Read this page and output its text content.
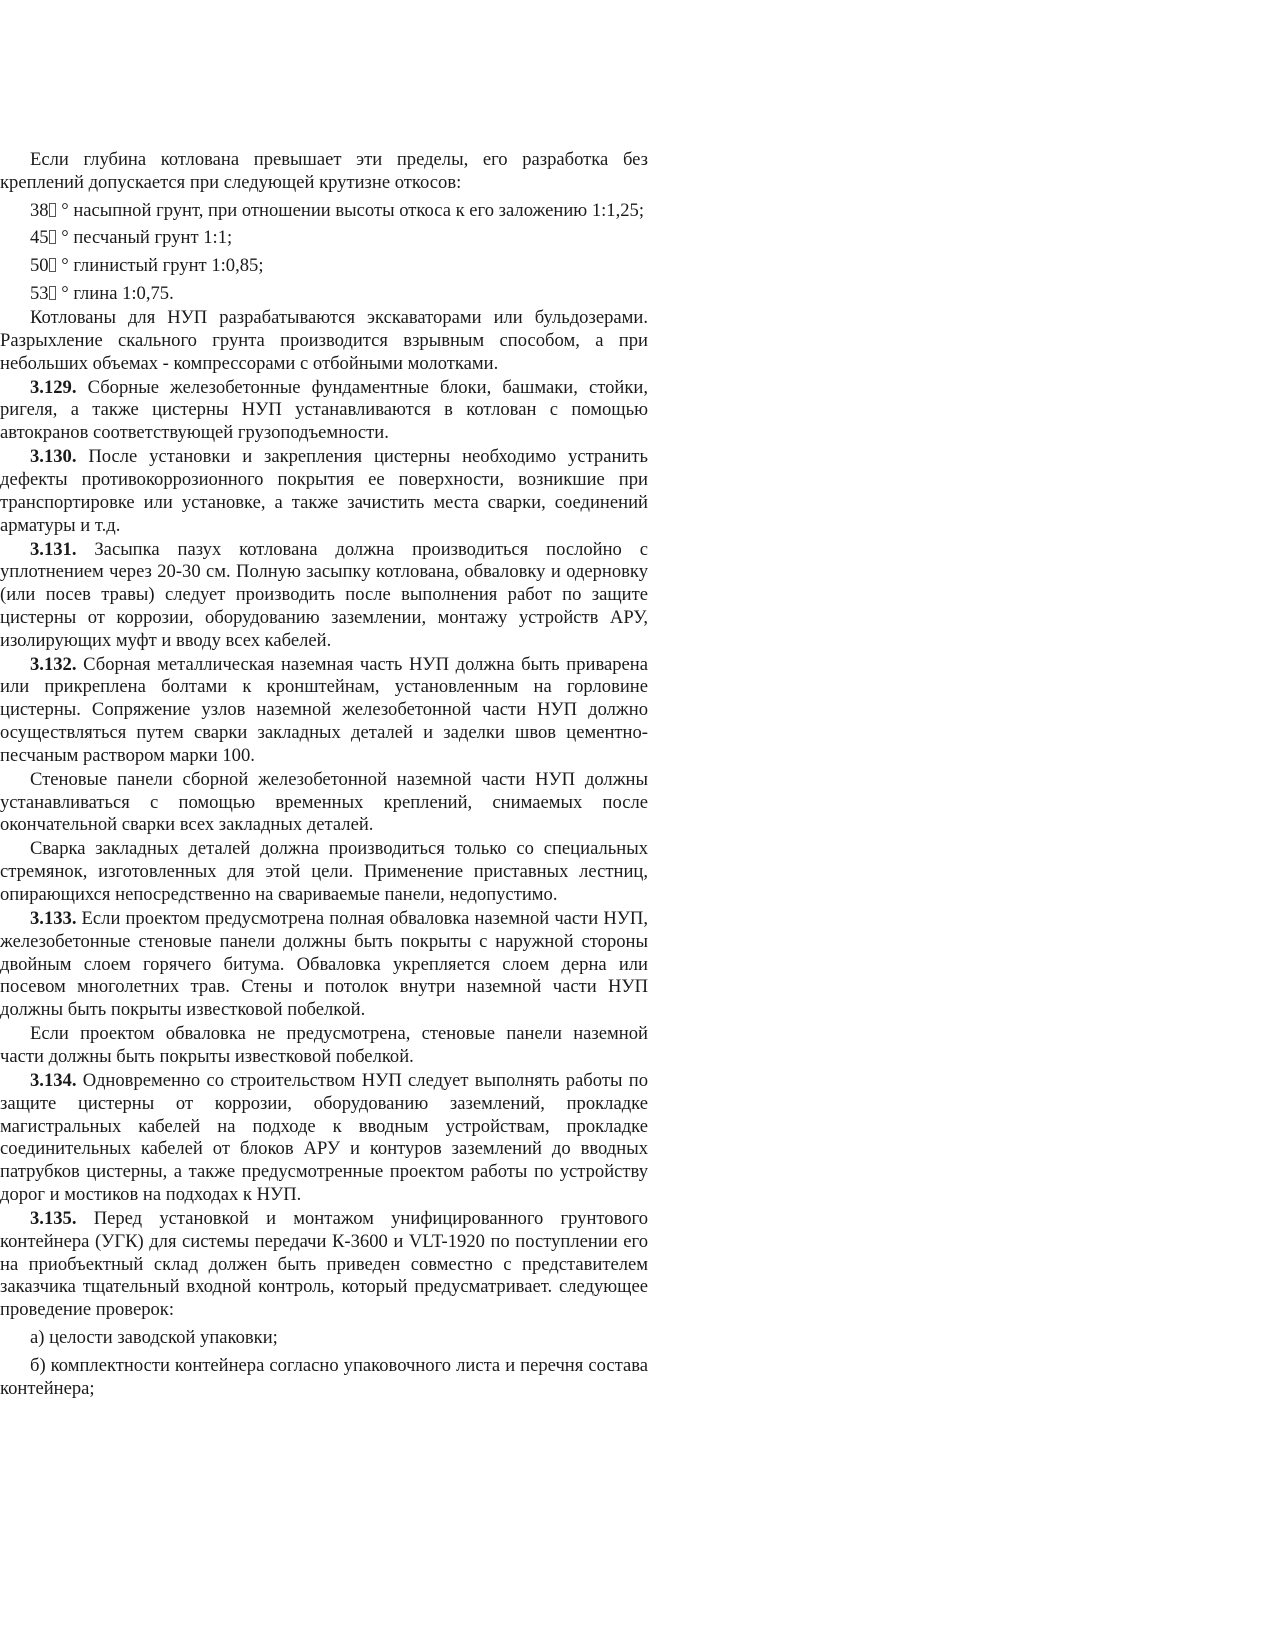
Если глубина котлована превышает эти пределы, его разработка без креплений допускается при следующей крутизне откосов:

38 ° насыпной грунт, при отношении высоты откоса к его заложению 1:1,25;

45 ° песчаный грунт 1:1;

50 ° глинистый грунт 1:0,85;

53 ° глина 1:0,75.

Котлованы для НУП разрабатываются экскаваторами или бульдозерами. Разрыхление скального грунта производится взрывным способом, а при небольших объемах - компрессорами с отбойными молотками.

3.129. Сборные железобетонные фундаментные блоки, башмаки, стойки, ригеля, а также цистерны НУП устанавливаются в котлован с помощью автокранов соответствующей грузоподъемности.

3.130. После установки и закрепления цистерны необходимо устранить дефекты противокоррозионного покрытия ее поверхности, возникшие при транспортировке или установке, а также зачистить места сварки, соединений арматуры и т.д.

3.131. Засыпка пазух котлована должна производиться послойно с уплотнением через 20-30 см. Полную засыпку котлована, обваловку и одерновку (или посев травы) следует производить после выполнения работ по защите цистерны от коррозии, оборудованию заземлении, монтажу устройств АРУ, изолирующих муфт и вводу всех кабелей.

3.132. Сборная металлическая наземная часть НУП должна быть приварена или прикреплена болтами к кронштейнам, установленным на горловине цистерны. Сопряжение узлов наземной железобетонной части НУП должно осуществляться путем сварки закладных деталей и заделки швов цементно-песчаным раствором марки 100.

Стеновые панели сборной железобетонной наземной части НУП должны устанавливаться с помощью временных креплений, снимаемых после окончательной сварки всех закладных деталей.

Сварка закладных деталей должна производиться только со специальных стремянок, изготовленных для этой цели. Применение приставных лестниц, опирающихся непосредственно на свариваемые панели, недопустимо.

3.133. Если проектом предусмотрена полная обваловка наземной части НУП, железобетонные стеновые панели должны быть покрыты с наружной стороны двойным слоем горячего битума. Обваловка укрепляется слоем дерна или посевом многолетних трав. Стены и потолок внутри наземной части НУП должны быть покрыты известковой побелкой.

Если проектом обваловка не предусмотрена, стеновые панели наземной части должны быть покрыты известковой побелкой.

3.134. Одновременно со строительством НУП следует выполнять работы по защите цистерны от коррозии, оборудованию заземлений, прокладке магистральных кабелей на подходе к вводным устройствам, прокладке соединительных кабелей от блоков АРУ и контуров заземлений до вводных патрубков цистерны, а также предусмотренные проектом работы по устройству дорог и мостиков на подходах к НУП.

3.135. Перед установкой и монтажом унифицированного грунтового контейнера (УГК) для системы передачи К-3600 и VLT-1920 по поступлении его на приобъектный склад должен быть приведен совместно с представителем заказчика тщательный входной контроль, который предусматривает. следующее проведение проверок:

а) целости заводской упаковки;

б) комплектности контейнера согласно упаковочного листа и перечня состава контейнера;
